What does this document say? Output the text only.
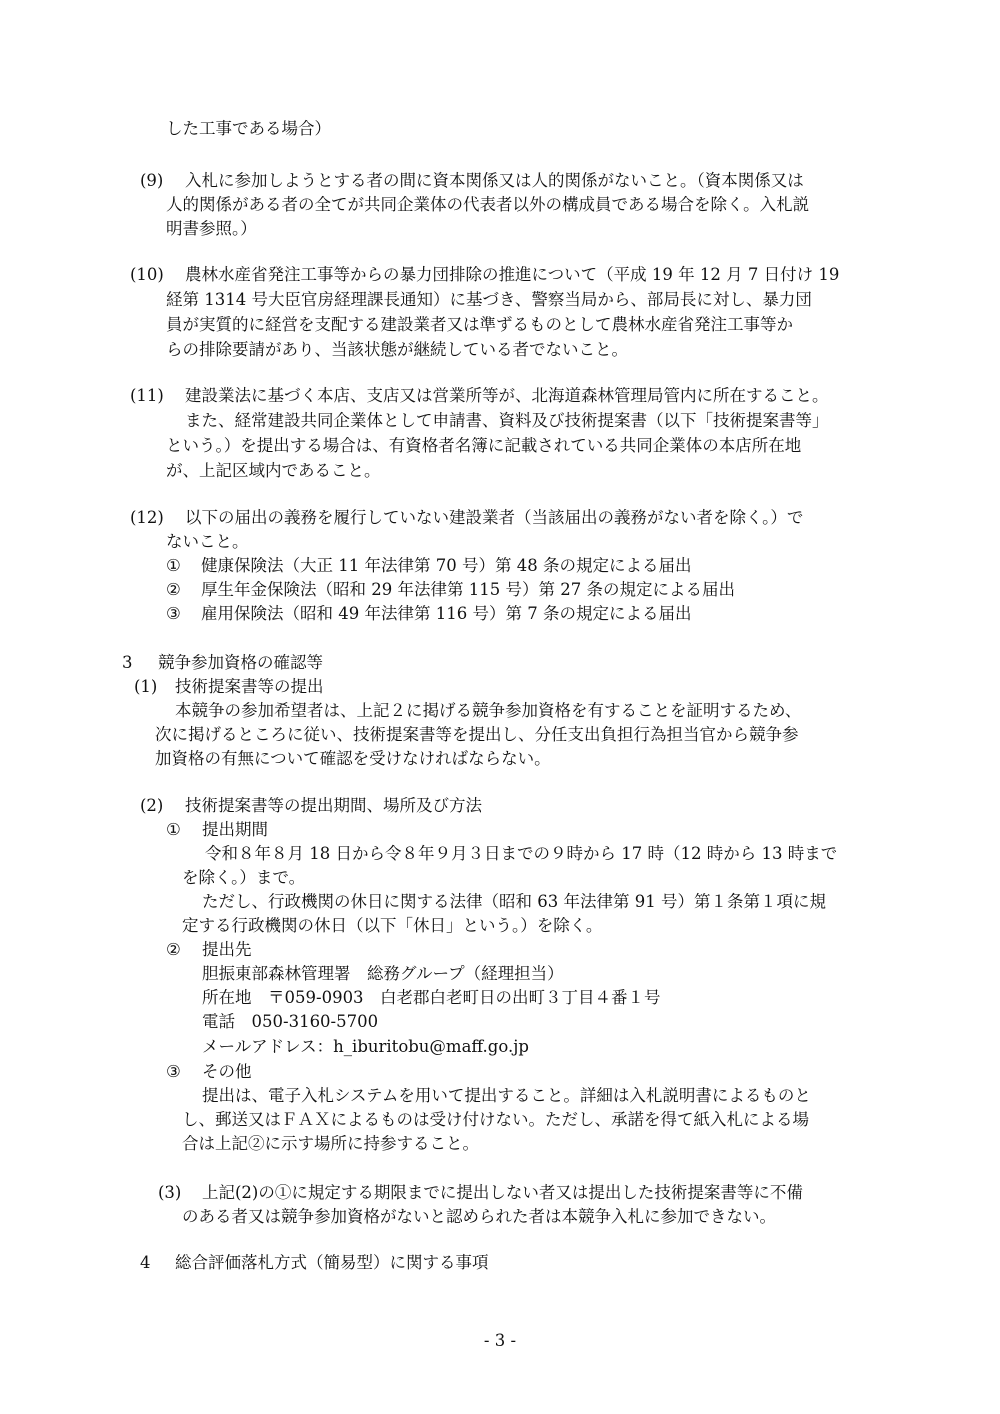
した工事である場合）
(9) 入札に参加しようとする者の間に資本関係又は人的関係がないこと。（資本関係又は
人的関係がある者の全てが共同企業体の代表者以外の構成員である場合を除く。入札説
明書参照。）
(10) 農林水産省発注工事等からの暴力団排除の推進について（平成 19 年 12 月 7 日付け 19
経第 1314 号大臣官房経理課長通知）に基づき、警察当局から、部局長に対し、暴力団
員が実質的に経営を支配する建設業者又は準ずるものとして農林水産省発注工事等か
らの排除要請があり、当該状態が継続している者でないこと。
(11) 建設業法に基づく本店、支店又は営業所等が、北海道森林管理局管内に所在すること。
また、経常建設共同企業体として申請書、資料及び技術提案書（以下「技術提案書等」
という。）を提出する場合は、有資格者名簿に記載されている共同企業体の本店所在地
が、上記区域内であること。
(12) 以下の届出の義務を履行していない建設業者（当該届出の義務がない者を除く。）で
ないこと。
① 健康保険法（大正 11 年法律第 70 号）第 48 条の規定による届出
② 厚生年金保険法（昭和 29 年法律第 115 号）第 27 条の規定による届出
③ 雇用保険法（昭和 49 年法律第 116 号）第 7 条の規定による届出
3 競争参加資格の確認等
(1) 技術提案書等の提出
本競争の参加希望者は、上記２に掲げる競争参加資格を有することを証明するため、
次に掲げるところに従い、技術提案書等を提出し、分任支出負担行為担当官から競争参
加資格の有無について確認を受けなければならない。
(2) 技術提案書等の提出期間、場所及び方法
① 提出期間
令和８年８月 18 日から令８年９月３日までの９時から 17 時（12 時から 13 時まで
を除く。）まで。
ただし、行政機関の休日に関する法律（昭和 63 年法律第 91 号）第１条第１項に規
定する行政機関の休日（以下「休日」という。）を除く。
② 提出先
胆振東部森林管理署　総務グループ（経理担当）
所在地　〒059-0903　白老郡白老町日の出町３丁目４番１号
電話　050-3160-5700
メールアドレス：h_iburitobu@maff.go.jp
③ その他
提出は、電子入札システムを用いて提出すること。詳細は入札説明書によるものと
し、郵送又はＦＡＸによるものは受け付けない。ただし、承諾を得て紙入札による場
合は上記②に示す場所に持参すること。
(3) 上記(2)の①に規定する期限までに提出しない者又は提出した技術提案書等に不備
のある者又は競争参加資格がないと認められた者は本競争入札に参加できない。
4 総合評価落札方式（簡易型）に関する事項
- 3 -
